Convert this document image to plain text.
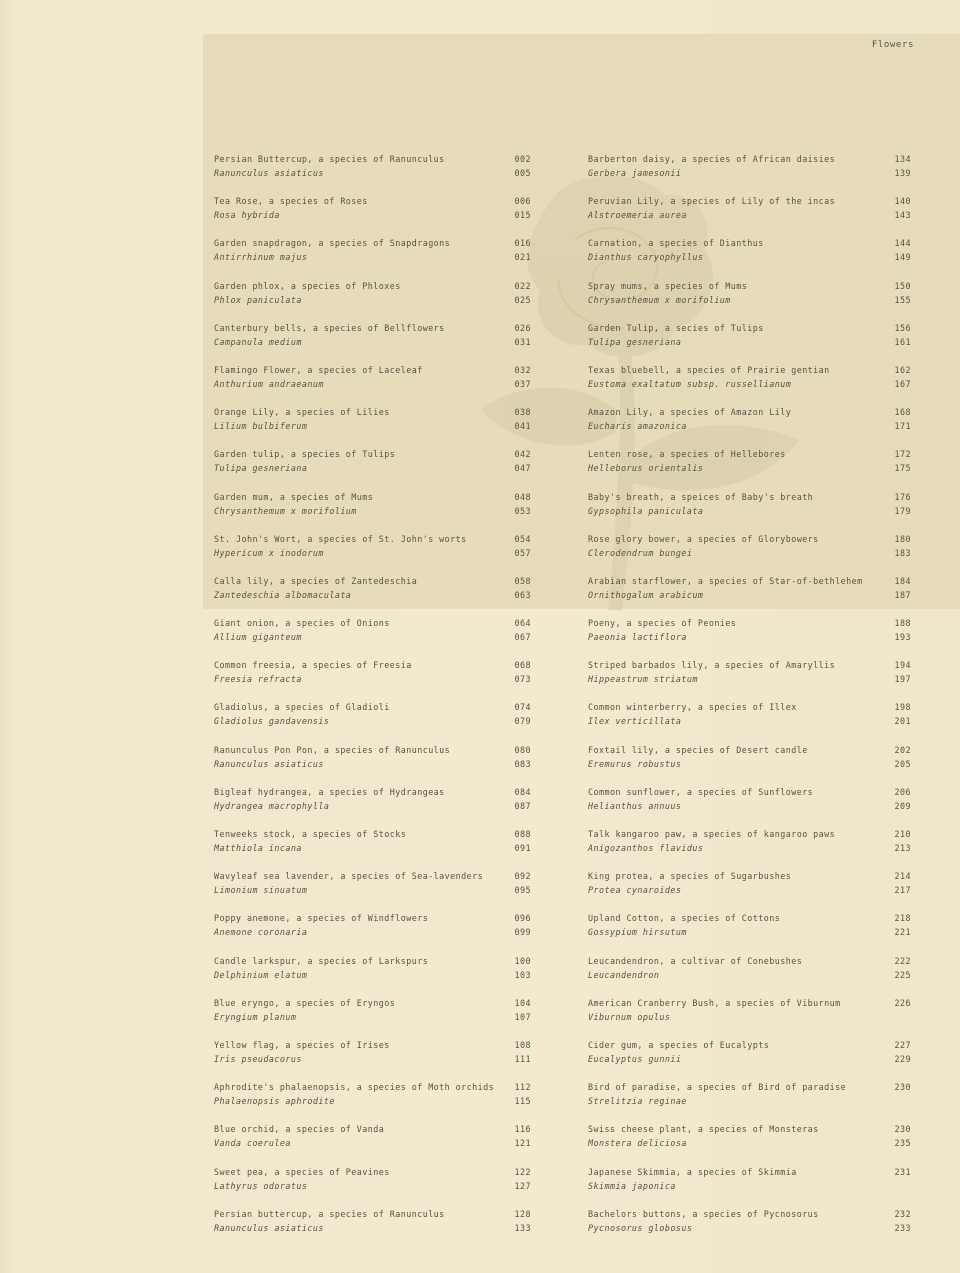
Flowers
Persian Buttercup, a species of Ranunculus
Ranunculus asiaticus
002
005
Tea Rose, a species of Roses
Rosa hybrida
006
015
Garden snapdragon, a species of Snapdragons
Antirrhinum majus
016
021
Garden phlox, a species of Phloxes
Phlox paniculata
022
025
Canterbury bells, a species of Bellflowers
Campanula medium
026
031
Flamingo Flower, a species of Laceleaf
Anthurium andraeanum
032
037
Orange Lily, a species of Lilies
Lilium bulbiferum
038
041
Garden tulip, a species of Tulips
Tulipa gesneriana
042
047
Garden mum, a species of Mums
Chrysanthemum x morifolium
048
053
St. John's Wort, a species of St. John's worts
Hypericum x inodorum
054
057
Calla lily, a species of Zantedeschia
Zantedeschia albomaculata
058
063
Giant onion, a species of Onions
Allium giganteum
064
067
Common freesia, a species of Freesia
Freesia refracta
068
073
Gladiolus, a species of Gladioli
Gladiolus gandavensis
074
079
Ranunculus Pon Pon, a species of Ranunculus
Ranunculus asiaticus
080
083
Bigleaf hydrangea, a species of Hydrangeas
Hydrangea macrophylla
084
087
Tenweeks stock, a species of Stocks
Matthiola incana
088
091
Wavyleaf sea lavender, a species of Sea-lavenders
Limonium sinuatum
092
095
Poppy anemone, a species of Windflowers
Anemone coronaria
096
099
Candle larkspur, a species of Larkspurs
Delphinium elatum
100
103
Blue eryngo, a species of Eryngos
Eryngium planum
104
107
Yellow flag, a species of Irises
Iris pseudacorus
108
111
Aphrodite's phalaenopsis, a species of Moth orchids
Phalaenopsis aphrodite
112
115
Blue orchid, a species of Vanda
Vanda coerulea
116
121
Sweet pea, a species of Peavines
Lathyrus odoratus
122
127
Persian buttercup, a species of Ranunculus
Ranunculus asiaticus
128
133
Barberton daisy, a species of African daisies
Gerbera jamesonii
134
139
Peruvian Lily, a species of Lily of the incas
Alstroemeria aurea
140
143
Carnation, a species of Dianthus
Dianthus caryophyllus
144
149
Spray mums, a species of Mums
Chrysanthemum x morifolium
150
155
Garden Tulip, a secies of Tulips
Tulipa gesneriana
156
161
Texas bluebell, a species of Prairie gentian
Eustoma exaltatum subsp. russellianum
162
167
Amazon Lily, a species of Amazon Lily
Eucharis amazonica
168
171
Lenten rose, a species of Hellebores
Helleborus orientalis
172
175
Baby's breath, a speices of Baby's breath
Gypsophila paniculata
176
179
Rose glory bower, a species of Glorybowers
Clerodendrum bungei
180
183
Arabian starflower, a species of Star-of-bethlehem
Ornithogalum arabicum
184
187
Poeny, a species of Peonies
Paeonia lactiflora
188
193
Striped barbados lily, a species of Amaryllis
Hippeastrum striatum
194
197
Common winterberry, a species of Illex
Ilex verticillata
198
201
Foxtail lily, a species of Desert candle
Eremurus robustus
202
205
Common sunflower, a species of Sunflowers
Helianthus annuus
206
209
Talk kangaroo paw, a species of kangaroo paws
Anigozanthos flavidus
210
213
King protea, a species of Sugarbushes
Protea cynaroides
214
217
Upland Cotton, a species of Cottons
Gossypium hirsutum
218
221
Leucandendron, a cultivar of Conebushes
Leucandendron
222
225
American Cranberry Bush, a species of Viburnum
Viburnum opulus
226
Cider gum, a species of Eucalypts
Eucalyptus gunnii
227
229
Bird of paradise, a species of Bird of paradise
Strelitzia reginae
230
Swiss cheese plant, a species of Monsteras
Monstera deliciosa
230
235
Japanese Skimmia, a species of Skimmia
Skimmia japonica
231
Bachelors buttons, a species of Pycnosorus
Pycnosorus globosus
232
233
